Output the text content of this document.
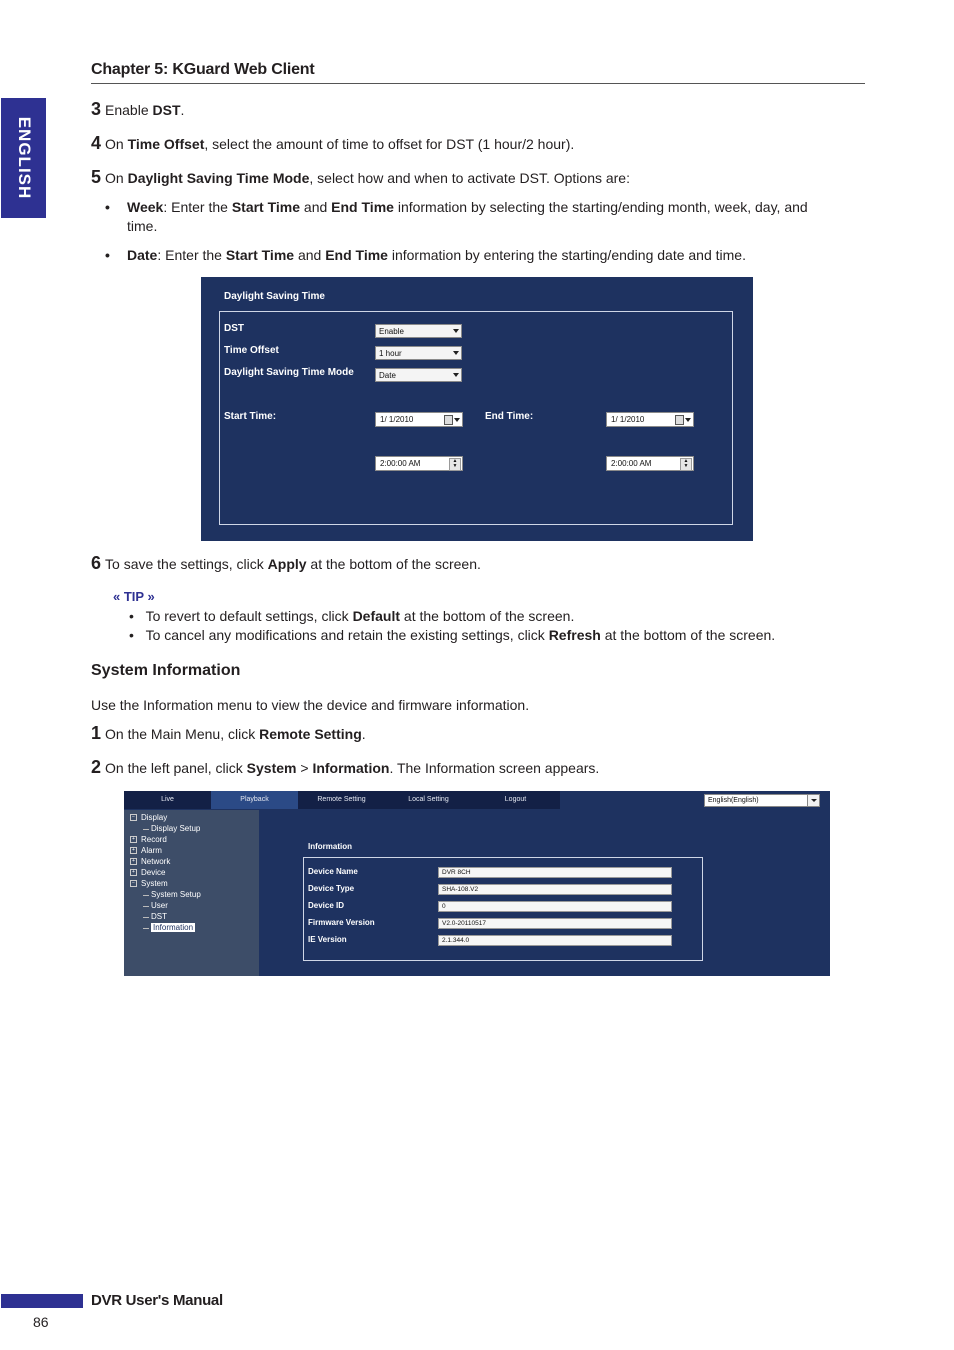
Chapter 5: KGuard Web Client
ENGLISH
3 Enable DST.
4 On Time Offset, select the amount of time to offset for DST (1 hour/2 hour).
5 On Daylight Saving Time Mode, select how and when to activate DST. Options are:
• Week: Enter the Start Time and End Time information by selecting the starting/ending month, week, day, and
time.
• Date: Enter the Start Time and End Time information by entering the starting/ending date and time.
Daylight Saving Time
DST	Enable
Time Offset	1 hour
Daylight Saving Time Mode	Date
Start Time:	1/ 1/2010
2:00:00 AM	▲
▼
End Time:	1/ 1/2010
2:00:00 AM	▲
▼
6 To save the settings, click Apply at the bottom of the screen.
« TIP »
•   To revert to default settings, click Default at the bottom of the screen.
•   To cancel any modifications and retain the existing settings, click Refresh at the bottom of the screen.
System Information
Use the Information menu to view the device and firmware information.
1 On the Main Menu, click Remote Setting.
2 On the left panel, click System > Information. The Information screen appears.
Live	Playback	Remote Setting	Local Setting	Logout	English(English)
− Display
Display Setup
+ Record
+ Alarm
+ Network
+ Device
− System
System Setup
User
DST
Information
Information
Device Name	DVR 8CH
Device Type	SHA-108.V2
Device ID	0
Firmware Version	V2.0-20110517
IE Version	2.1.344.0
DVR User's Manual
86
